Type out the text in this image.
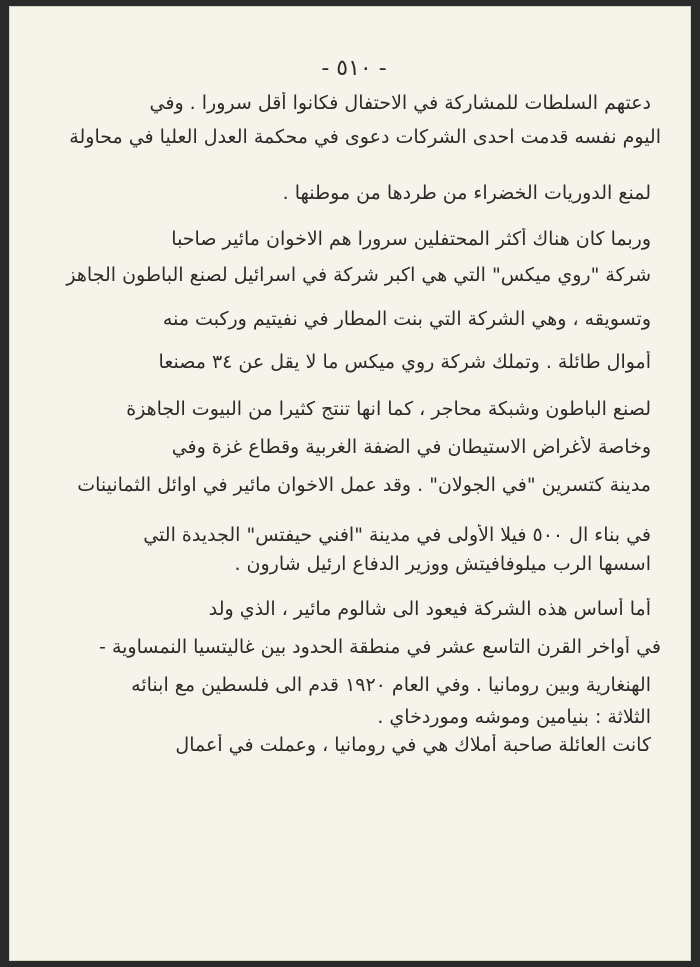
- ٥١٠ -
دعتهم السلطات للمشاركة في الاحتفال فكانوا أقل سرورا . وفي
اليوم نفسه قدمت احدى الشركات دعوى في محكمة العدل العليا في محاولة
لمنع الدوريات الخضراء من طردها من موطنها .
وربما كان هناك أكثر المحتفلين سرورا هم الاخوان مائير صاحبا
شركة "روي ميكس" التي هي اكبر شركة في اسرائيل لصنع الباطون الجاهز
وتسويقه ، وهي الشركة التي بنت المطار في نفيتيم وركبت منه
أموال طائلة . وتملك شركة روي ميكس ما لا يقل عن ٣٤ مصنعا
لصنع الباطون وشبكة محاجر ، كما انها تنتج كثيرا من البيوت الجاهزة
وخاصة لأغراض الاستيطان في الضفة الغربية وقطاع غزة وفي
مدينة كتسرين "في الجولان" . وقد عمل الاخوان مائير في اوائل الثمانينات
في بناء ال ٥٠٠ فيلا الأولى في مدينة "افني حيفتس" الجديدة التي
اسسها الرب ميلوفافيتش ووزير الدفاع ارئيل شارون .
أما أساس هذه الشركة فيعود الى شالوم مائير ، الذي ولد
في أواخر القرن التاسع عشر في منطقة الحدود بين غاليتسيا النمساوية -
الهنغارية وبين رومانيا . وفي العام ١٩٢٠ قدم الى فلسطين مع ابنائه
الثلاثة : بنيامين وموشه وموردخاي .
كانت العائلة صاحبة أملاك هي في رومانيا ، وعملت في أعمال
